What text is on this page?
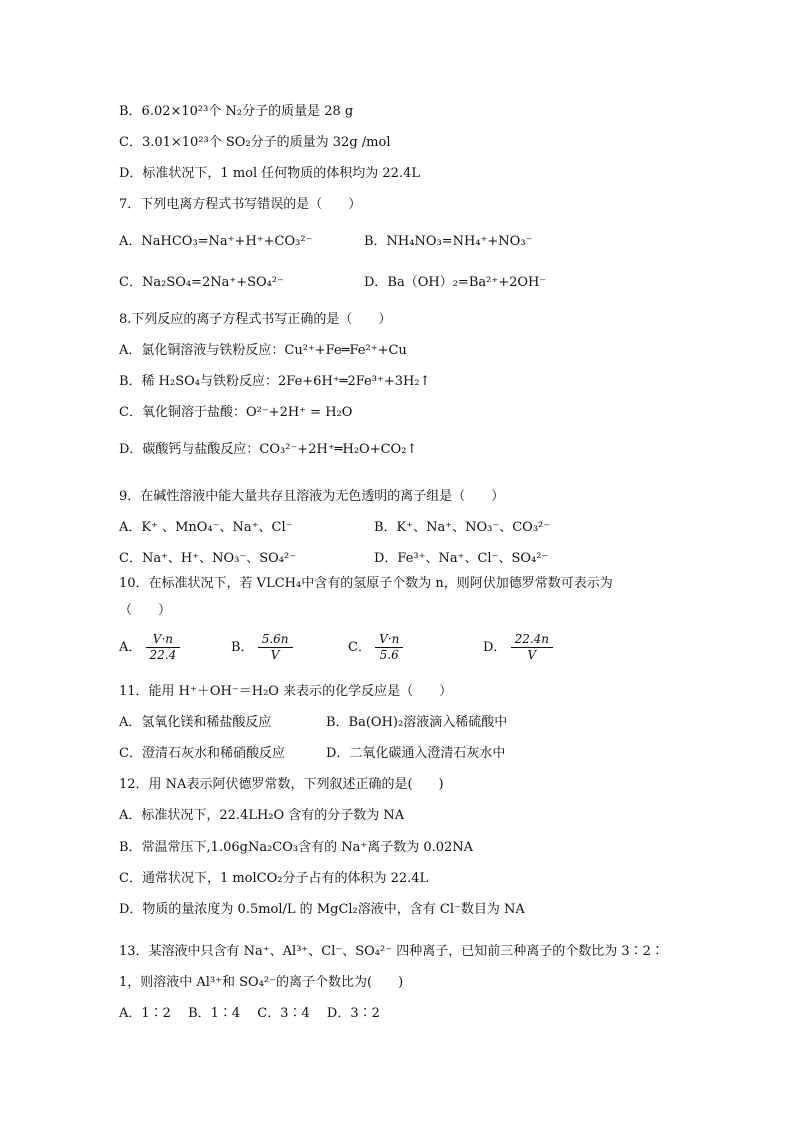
B．6.02×10²³个 N₂分子的质量是 28 g
C．3.01×10²³个 SO₂分子的质量为 32g /mol
D．标准状况下，1 mol 任何物质的体积均为 22.4L
7．下列电离方程式书写错误的是（　　）
A．NaHCO₃=Na⁺+H⁺+CO₃²⁻	B．NH₄NO₃=NH₄⁺+NO₃⁻
C．Na₂SO₄=2Na⁺+SO₄²⁻	D．Ba（OH）₂=Ba²⁺+2OH⁻
8.下列反应的离子方程式书写正确的是（　　）
A．氯化铜溶液与铁粉反应：Cu²⁺+Fe═Fe²⁺+Cu
B．稀 H₂SO₄与铁粉反应：2Fe+6H⁺═2Fe³⁺+3H₂↑
C．氧化铜溶于盐酸：O²⁻+2H⁺ = H₂O
D．碳酸钙与盐酸反应：CO₃²⁻+2H⁺═H₂O+CO₂↑
9．在碱性溶液中能大量共存且溶液为无色透明的离子组是（　　）
A．K⁺ 、MnO₄⁻、Na⁺、Cl⁻	B．K⁺、Na⁺、NO₃⁻、CO₃²⁻
C．Na⁺、H⁺、NO₃⁻、SO₄²⁻	D．Fe³⁺、Na⁺、Cl⁻、SO₄²⁻
10．在标准状况下，若 VLCH₄中含有的氢原子个数为 n，则阿伏加德罗常数可表示为
（　　）
A． $\frac{V\cdot n}{22.4}$	B． $\frac{5.6n}{V}$	C． $\frac{V\cdot n}{5.6}$	D． $\frac{22.4n}{V}$
11．能用 H⁺＋OH⁻＝H₂O 来表示的化学反应是（　　）
A．氢氧化镁和稀盐酸反应	B．Ba(OH)₂溶液滴入稀硫酸中
C．澄清石灰水和稀硝酸反应	D．二氧化碳通入澄清石灰水中
12．用 NA表示阿伏德罗常数，下列叙述正确的是(　　)
A．标准状况下，22.4LH₂O 含有的分子数为 NA
B．常温常压下,1.06gNa₂CO₃含有的 Na⁺离子数为 0.02NA
C．通常状况下，1 molCO₂分子占有的体积为 22.4L
D．物质的量浓度为 0.5mol/L 的 MgCl₂溶液中，含有 Cl⁻数目为 NA
13．某溶液中只含有 Na⁺、Al³⁺、Cl⁻、SO₄²⁻ 四种离子，已知前三种离子的个数比为 3∶2∶
1，则溶液中 Al³⁺和 SO₄²⁻的离子个数比为(　　)
A．1∶2　 B．1∶4　 C．3∶4　 D．3∶2
